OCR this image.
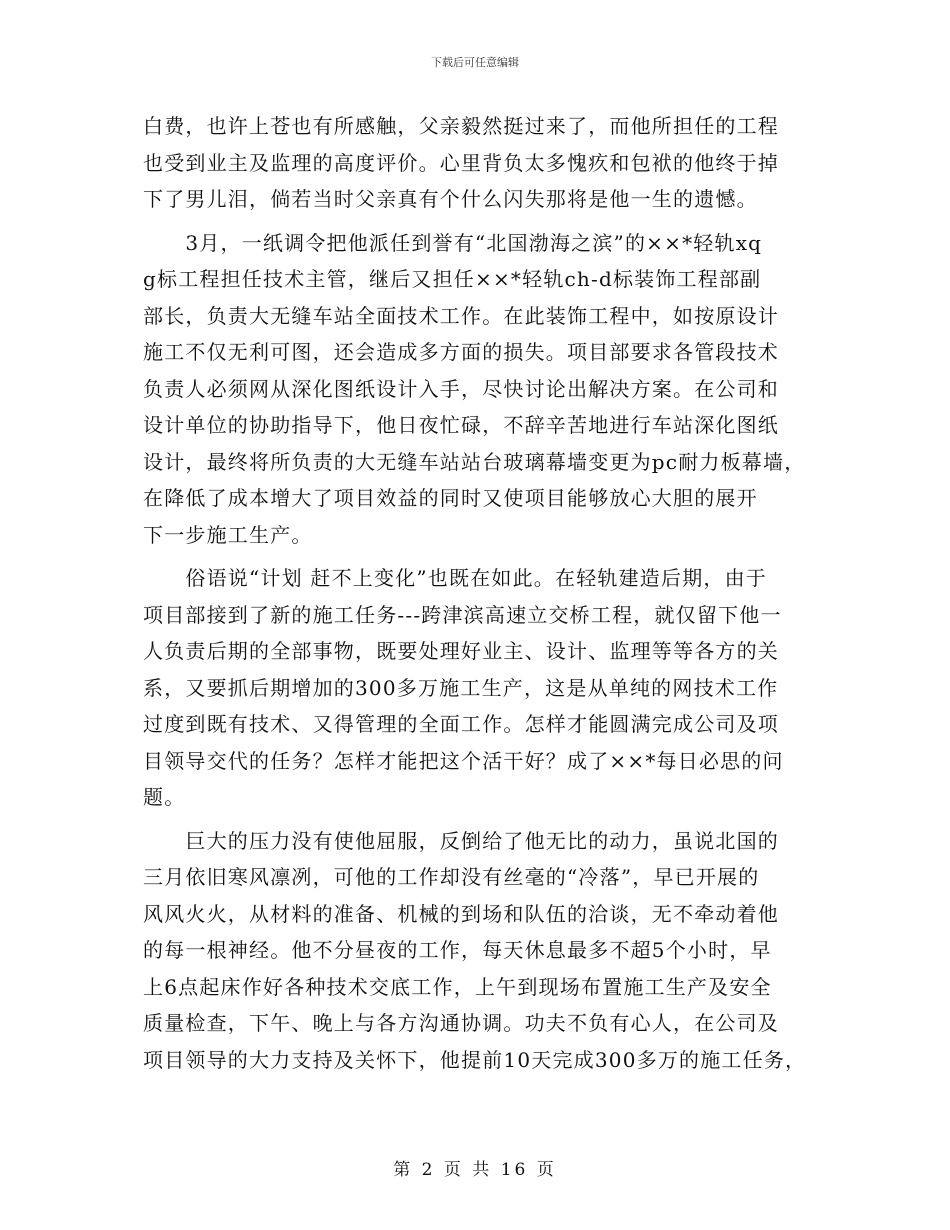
下载后可任意编辑
白费，也许上苍也有所感触，父亲毅然挺过来了，而他所担任的工程
也受到业主及监理的高度评价。心里背负太多愧疚和包袱的他终于掉
下了男儿泪，倘若当时父亲真有个什么闪失那将是他一生的遗憾。
　　3月，一纸调令把他派任到誉有“北国渤海之滨”的××*轻轨xq
g标工程担任技术主管，继后又担任××*轻轨ch-d标装饰工程部副
部长，负责大无缝车站全面技术工作。在此装饰工程中，如按原设计
施工不仅无利可图，还会造成多方面的损失。项目部要求各管段技术
负责人必须网从深化图纸设计入手，尽快讨论出解决方案。在公司和
设计单位的协助指导下，他日夜忙碌，不辞辛苦地进行车站深化图纸
设计，最终将所负责的大无缝车站站台玻璃幕墙变更为pc耐力板幕墙，
在降低了成本增大了项目效益的同时又使项目能够放心大胆的展开
下一步施工生产。
　　俗语说“计划 赶不上变化”也既在如此。在轻轨建造后期，由于
项目部接到了新的施工任务---跨津滨高速立交桥工程，就仅留下他一
人负责后期的全部事物，既要处理好业主、设计、监理等等各方的关
系，又要抓后期增加的300多万施工生产，这是从单纯的网技术工作
过度到既有技术、又得管理的全面工作。怎样才能圆满完成公司及项
目领导交代的任务？怎样才能把这个活干好？成了××*每日必思的问
题。
　　巨大的压力没有使他屈服，反倒给了他无比的动力，虽说北国的
三月依旧寒风凛冽，可他的工作却没有丝毫的“冷落”，早已开展的
风风火火，从材料的准备、机械的到场和队伍的洽谈，无不牵动着他
的每一根神经。他不分昼夜的工作，每天休息最多不超5个小时，早
上6点起床作好各种技术交底工作，上午到现场布置施工生产及安全
质量检查，下午、晚上与各方沟通协调。功夫不负有心人，在公司及
项目领导的大力支持及关怀下，他提前10天完成300多万的施工任务，
第 2 页 共 16 页
